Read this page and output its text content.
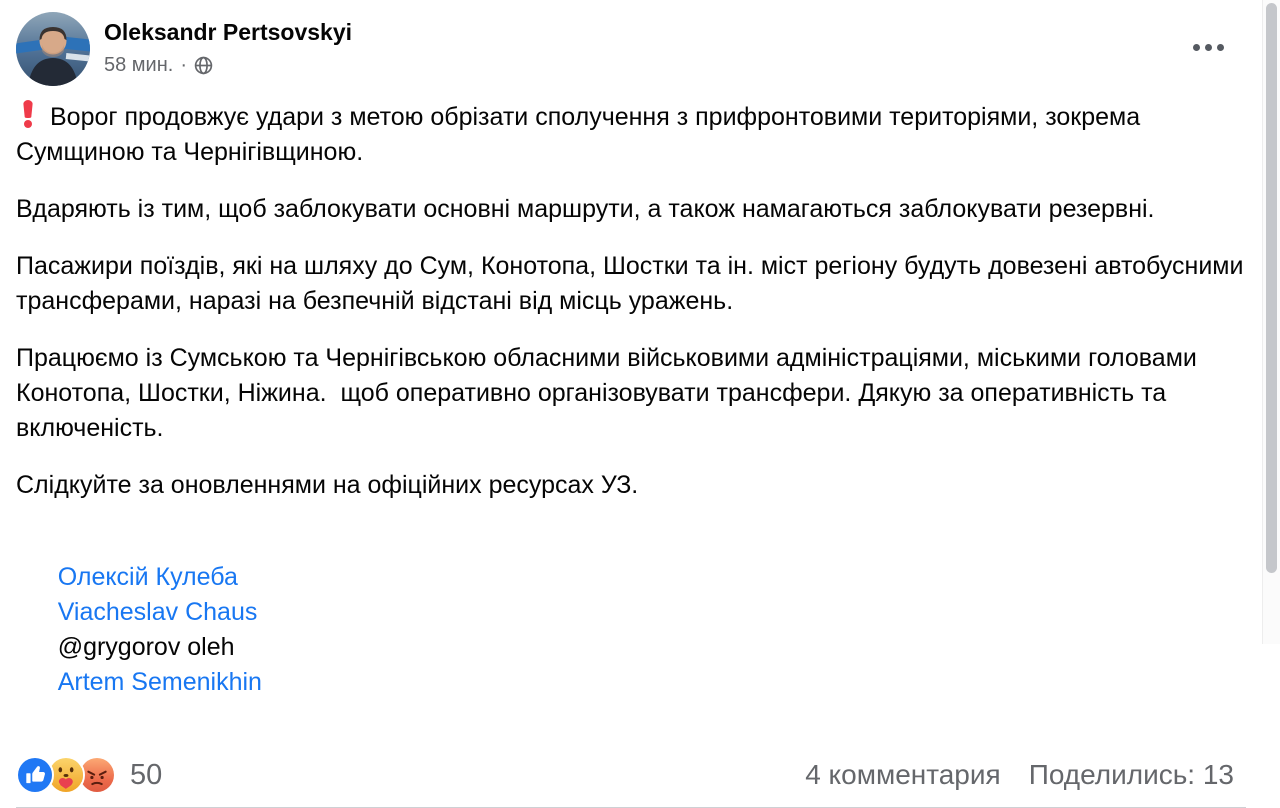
Oleksandr Pertsovskyi
58 мин. ·

Ворог продовжує удари з метою обрізати сполучення з прифронтовими територіями, зокрема Сумщиною та Чернігівщиною.

Вдаряють із тим, щоб заблокувати основні маршрути, а також намагаються заблокувати резервні.

Пасажири поїздів, які на шляху до Сум, Конотопа, Шостки та ін. міст регіону будуть довезені автобусними трансферами, наразі на безпечній відстані від місць уражень.

Працюємо із Сумською та Чернігівською обласними військовими адміністраціями, міськими головами Конотопа, Шостки, Ніжина.  щоб оперативно організовувати трансфери. Дякую за оперативність та включеність.

Слідкуйте за оновленнями на офіційних ресурсах УЗ.

Олексій Кулеба
Viacheslav Chaus
@grygorov oleh
Artem Semenikhin

50	4 комментария Поделились: 13
